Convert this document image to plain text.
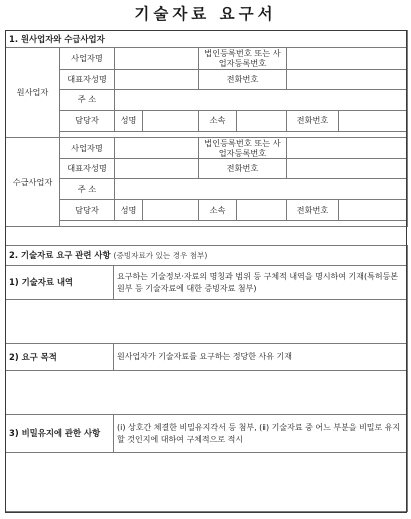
기술자료 요구서
1. 원사업자와 수급사업자							
원사업자	사업자명			법인등록번호 또는 사업자등록번호			
	대표자성명			전화번호			
	주 소						
	담당자	성명		소속		전화번호	

수급사업자	사업자명			법인등록번호 또는 사업자등록번호			
	대표자성명			전화번호			
	주 소						
	담당자	성명		소속		전화번호	

2. 기술자료 요구 관련 사항 (증빙자료가 있는 경우 첨부)	
1) 기술자료 내역	요구하는 기술정보·자료의 명칭과 범위 등 구체적 내역을 명시하여 기재(특허등본원부 등 기술자료에 대한 증빙자료 첨부)

2) 요구 목적	원사업자가 기술자료를 요구하는 정당한 사유 기재

3) 비밀유지에 관한 사항	(ⅰ) 상호간 체결한 비밀유지각서 등 첨부, (ⅱ) 기술자료 중 어느 부분을 비밀로 유지할 것인지에 대하여 구체적으로 적시
